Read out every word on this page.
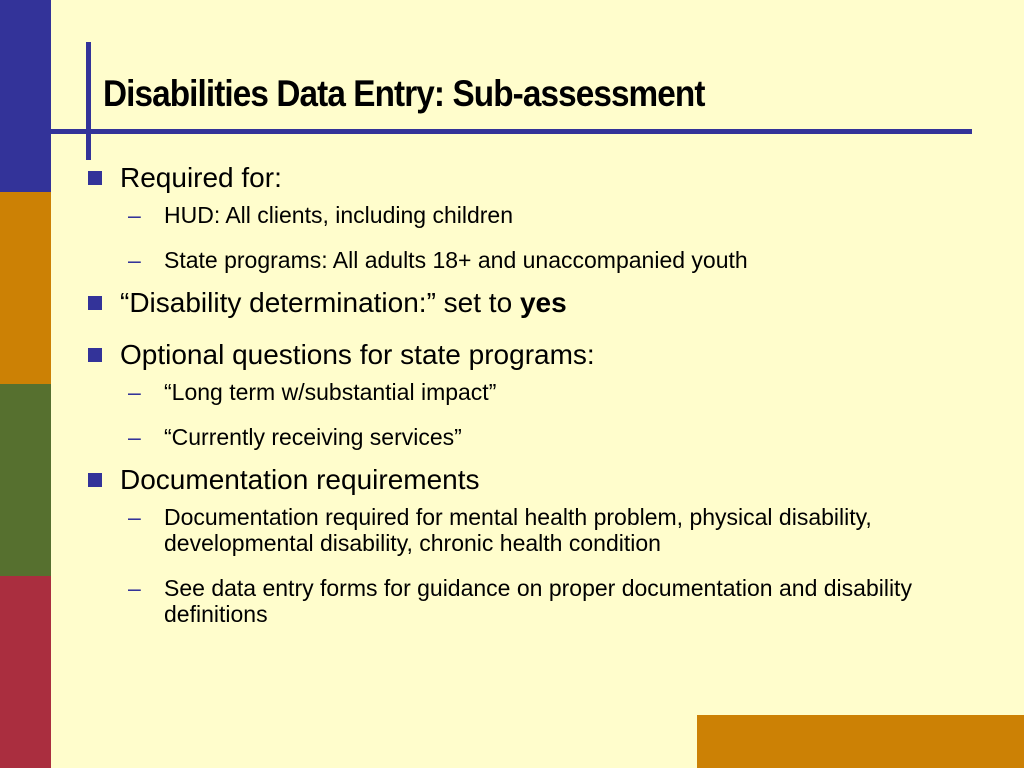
Disabilities Data Entry: Sub-assessment
Required for:
– HUD: All clients, including children
– State programs: All adults 18+ and unaccompanied youth
“Disability determination:” set to yes
Optional questions for state programs:
– “Long term w/substantial impact”
– “Currently receiving services”
Documentation requirements
– Documentation required for mental health problem, physical disability, developmental disability, chronic health condition
– See data entry forms for guidance on proper documentation and disability definitions
